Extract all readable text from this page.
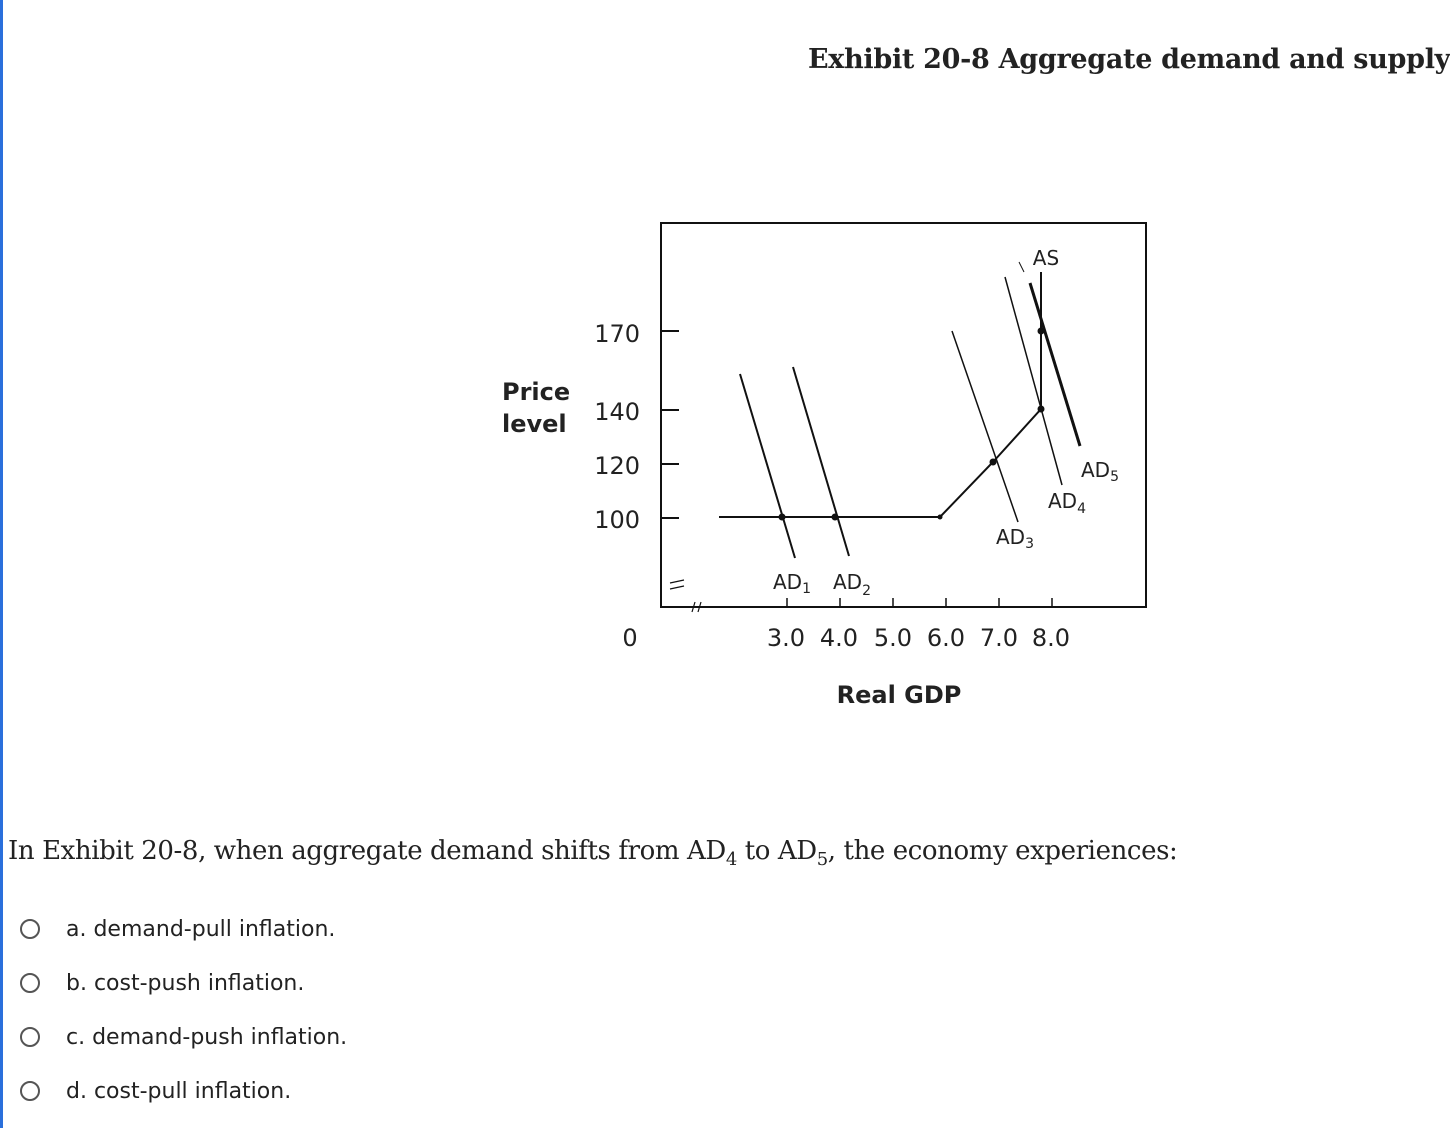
Exhibit 20-8 Aggregate demand and supply
Price
level
170
140
120
100
0	3.0 4.0 5.0 6.0 7.0 8.0
Real GDP
AS
$AD_1$ $AD_2$
$AD_3$
$AD_4$
$AD_5$
In Exhibit 20-8, when aggregate demand shifts from $AD_4$ to $AD_5$, the economy experiences:
a. demand-pull inflation.
b. cost-push inflation.
c. demand-push inflation.
d. cost-pull inflation.
